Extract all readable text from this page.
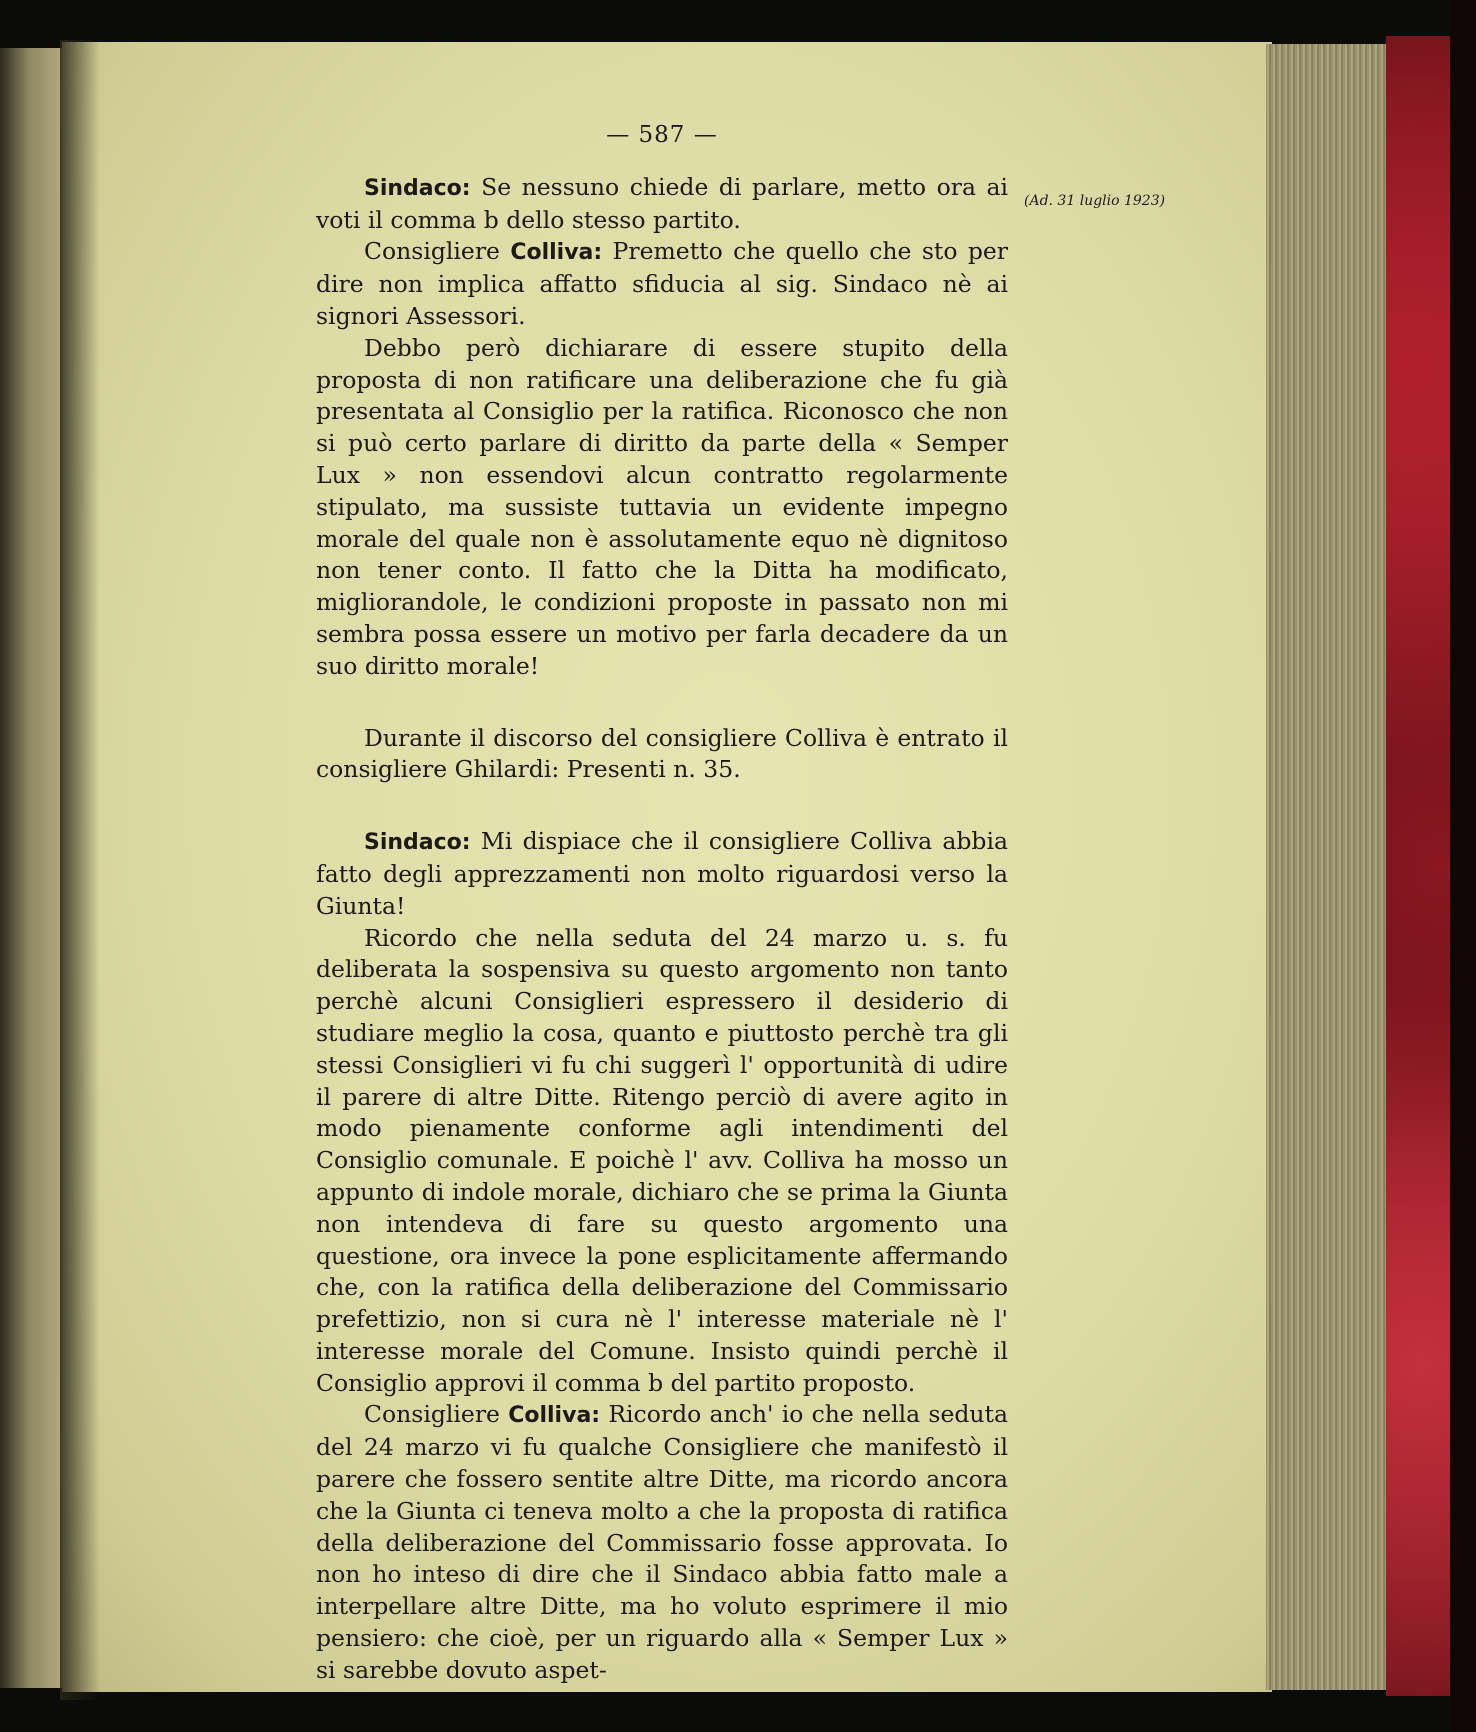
(Ad. 31 luglio 1923)
— 587 —

Sindaco: Se nessuno chiede di parlare, metto ora ai voti il comma b dello stesso partito.

Consigliere Colliva: Premetto che quello che sto per dire non implica affatto sfiducia al sig. Sindaco nè ai signori Assessori.

Debbo però dichiarare di essere stupito della proposta di non ratificare una deliberazione che fu già presentata al Consiglio per la ratifica. Riconosco che non si può certo parlare di diritto da parte della « Semper Lux » non essendovi alcun contratto regolarmente stipulato, ma sussiste tuttavia un evidente impegno morale del quale non è assolutamente equo nè dignitoso non tener conto. Il fatto che la Ditta ha modificato, migliorandole, le condizioni proposte in passato non mi sembra possa essere un motivo per farla decadere da un suo diritto morale!

Durante il discorso del consigliere Colliva è entrato il consigliere Ghilardi: Presenti n. 35.

Sindaco: Mi dispiace che il consigliere Colliva abbia fatto degli apprezzamenti non molto riguardosi verso la Giunta!

Ricordo che nella seduta del 24 marzo u. s. fu deliberata la sospensiva su questo argomento non tanto perchè alcuni Consiglieri espressero il desiderio di studiare meglio la cosa, quanto e piuttosto perchè tra gli stessi Consiglieri vi fu chi suggerì l' opportunità di udire il parere di altre Ditte. Ritengo perciò di avere agito in modo pienamente conforme agli intendimenti del Consiglio comunale. E poichè l' avv. Colliva ha mosso un appunto di indole morale, dichiaro che se prima la Giunta non intendeva di fare su questo argomento una questione, ora invece la pone esplicitamente affermando che, con la ratifica della deliberazione del Commissario prefettizio, non si cura nè l' interesse materiale nè l' interesse morale del Comune. Insisto quindi perchè il Consiglio approvi il comma b del partito proposto.

Consigliere Colliva: Ricordo anch' io che nella seduta del 24 marzo vi fu qualche Consigliere che manifestò il parere che fossero sentite altre Ditte, ma ricordo ancora che la Giunta ci teneva molto a che la proposta di ratifica della deliberazione del Commissario fosse approvata. Io non ho inteso di dire che il Sindaco abbia fatto male a interpellare altre Ditte, ma ho voluto esprimere il mio pensiero: che cioè, per un riguardo alla « Semper Lux » si sarebbe dovuto aspet-
